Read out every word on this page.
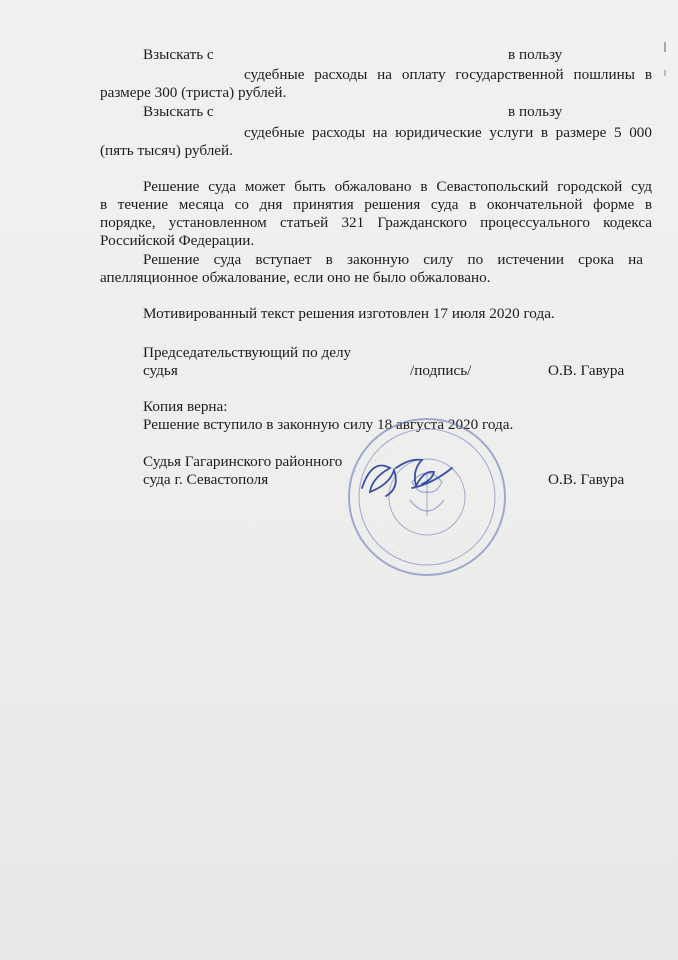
Взыскать с	в пользу
судебные расходы на оплату государственной пошлины в
размере 300 (триста) рублей.
Взыскать с	в пользу
судебные расходы на юридические услуги в размере 5 000
(пять тысяч) рублей.
Решение суда может быть обжаловано в Севастопольский городской суд
в течение месяца со дня принятия решения суда в окончательной форме в
порядке, установленном статьей 321 Гражданского процессуального кодекса
Российской Федерации.
Решение суда вступает в законную силу по истечении срока на
апелляционное обжалование, если оно не было обжаловано.
Мотивированный текст решения изготовлен 17 июля 2020 года.
Председательствующий по делу
судья	/подпись/	О.В. Гавура
Копия верна:
Решение вступило в законную силу 18 августа 2020 года.
· · · · · · · · · · · · ·
· · · · · · · · · · · · ·
Судья Гагаринского районного
суда г. Севастополя	О.В. Гавура
